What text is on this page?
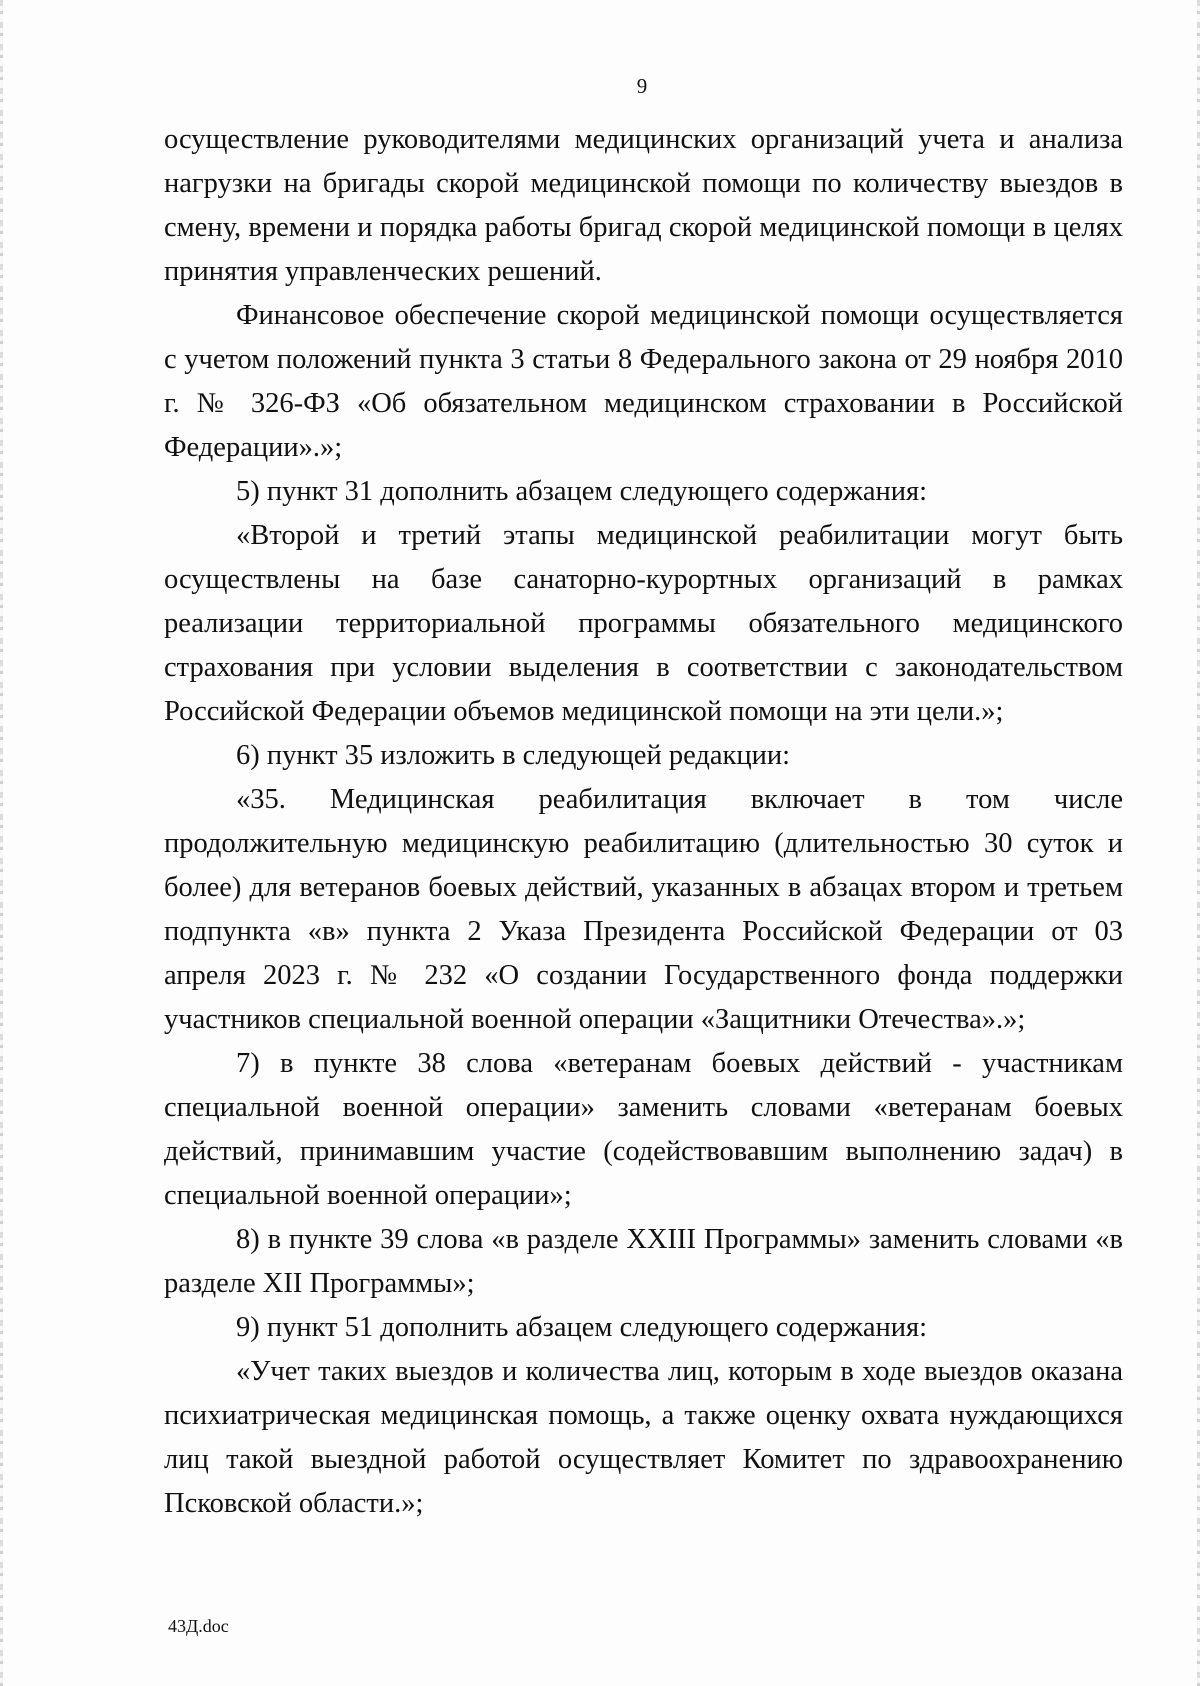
9

осуществление руководителями медицинских организаций учета и анализа нагрузки на бригады скорой медицинской помощи по количеству выездов в смену, времени и порядка работы бригад скорой медицинской помощи в целях принятия управленческих решений.

Финансовое обеспечение скорой медицинской помощи осуществляется с учетом положений пункта 3 статьи 8 Федерального закона от 29 ноября 2010 г. № 326-ФЗ «Об обязательном медицинском страховании в Российской Федерации».»;

5) пункт 31 дополнить абзацем следующего содержания:

«Второй и третий этапы медицинской реабилитации могут быть осуществлены на базе санаторно-курортных организаций в рамках реализации территориальной программы обязательного медицинского страхования при условии выделения в соответствии с законодательством Российской Федерации объемов медицинской помощи на эти цели.»;

6) пункт 35 изложить в следующей редакции:

«35. Медицинская реабилитация включает в том числе продолжительную медицинскую реабилитацию (длительностью 30 суток и более) для ветеранов боевых действий, указанных в абзацах втором и третьем подпункта «в» пункта 2 Указа Президента Российской Федерации от 03 апреля 2023 г. № 232 «О создании Государственного фонда поддержки участников специальной военной операции «Защитники Отечества».»;

7) в пункте 38 слова «ветеранам боевых действий - участникам специальной военной операции» заменить словами «ветеранам боевых действий, принимавшим участие (содействовавшим выполнению задач) в специальной военной операции»;

8) в пункте 39 слова «в разделе XXIII Программы» заменить словами «в разделе XII Программы»;

9) пункт 51 дополнить абзацем следующего содержания:

«Учет таких выездов и количества лиц, которым в ходе выездов оказана психиатрическая медицинская помощь, а также оценку охвата нуждающихся лиц такой выездной работой осуществляет Комитет по здравоохранению Псковской области.»;

43Д.doc
